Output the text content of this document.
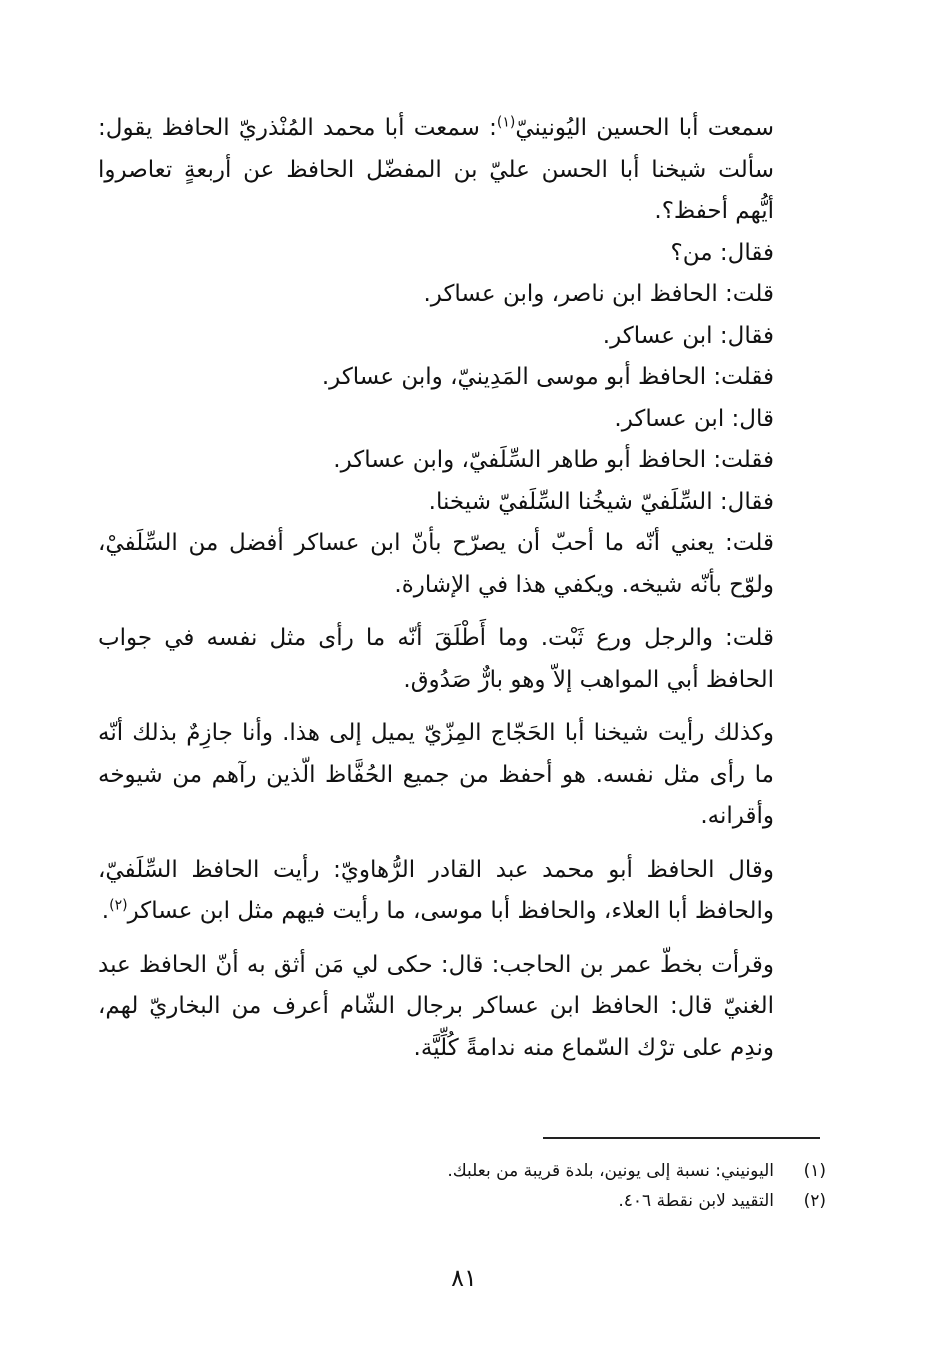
سمعت أبا الحسين اليُونينيّ$^{(١)}$: سمعت أبا محمد المُنْذريّ الحافظ يقول: سألت شيخنا أبا الحسن عليّ بن المفضّل الحافظ عن أربعةٍ تعاصروا أيُّهم أحفظ؟.

فقال: من؟

قلت: الحافظ ابن ناصر، وابن عساكر.

فقال: ابن عساكر.

فقلت: الحافظ أبو موسى المَدِينيّ، وابن عساكر.

قال: ابن عساكر.

فقلت: الحافظ أبو طاهر السِّلَفيّ، وابن عساكر.

فقال: السِّلَفيّ شيخُنا السِّلَفيّ شيخنا.

قلت: يعني أنّه ما أحبّ أن يصرّح بأنّ ابن عساكر أفضل من السِّلَفيْ، ولوّح بأنّه شيخه. ويكفي هذا في الإشارة.

قلت: والرجل ورع ثَبْت. وما أَطْلَقَ أنّه ما رأى مثل نفسه في جواب الحافظ أبي المواهب إلاّ وهو بارٌّ صَدُوق.

وكذلك رأيت شيخنا أبا الحَجّاج المِزّيّ يميل إلى هذا. وأنا جازِمٌ بذلك أنّه ما رأى مثل نفسه. هو أحفظ من جميع الحُفَّاظ الّذين رآهم من شيوخه وأقرانه.

وقال الحافظ أبو محمد عبد القادر الرُّهاويّ: رأيت الحافظ السِّلَفيّ، والحافظ أبا العلاء، والحافظ أبا موسى، ما رأيت فيهم مثل ابن عساكر$^{(٢)}$.

وقرأت بخطّ عمر بن الحاجب: قال: حكى لي مَن أثق به أنّ الحافظ عبد الغنيّ قال: الحافظ ابن عساكر برجال الشّام أعرف من البخاريّ لهم، وندِم على ترْك السّماع منه ندامةً كُلِّيَّة.

(١)
اليونيني: نسبة إلى يونين، بلدة قريبة من بعلبك.

(٢)
التقييد لابن نقطة ٤٠٦.

٨١
